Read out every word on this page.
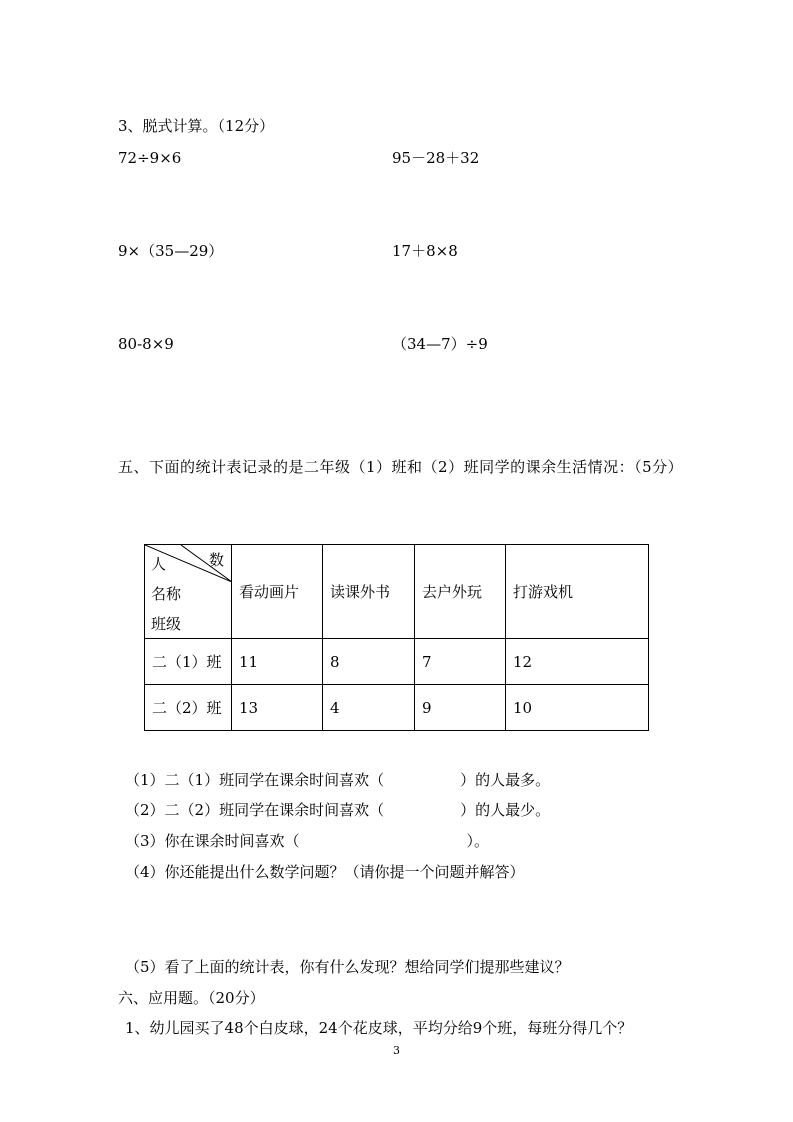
3、脱式计算。（12分）
72÷9×6	95－28＋32
9×（35—29）	17＋8×8
80-8×9	（34—7）÷9
五、下面的统计表记录的是二年级（1）班和（2）班同学的课余生活情况：（5分）
人 数
名称
班级	看动画片	读课外书	去户外玩	打游戏机
二（1）班	11	8	7	12
二（2）班	13	4	9	10
（1）二（1）班同学在课余时间喜欢（	）的人最多。
（2）二（2）班同学在课余时间喜欢（	）的人最少。
（3）你在课余时间喜欢（	）。
（4）你还能提出什么数学问题？（请你提一个问题并解答）
（5）看了上面的统计表，你有什么发现？想给同学们提那些建议？
六、应用题。（20分）
1、幼儿园买了48个白皮球，24个花皮球，平均分给9个班，每班分得几个？
3
